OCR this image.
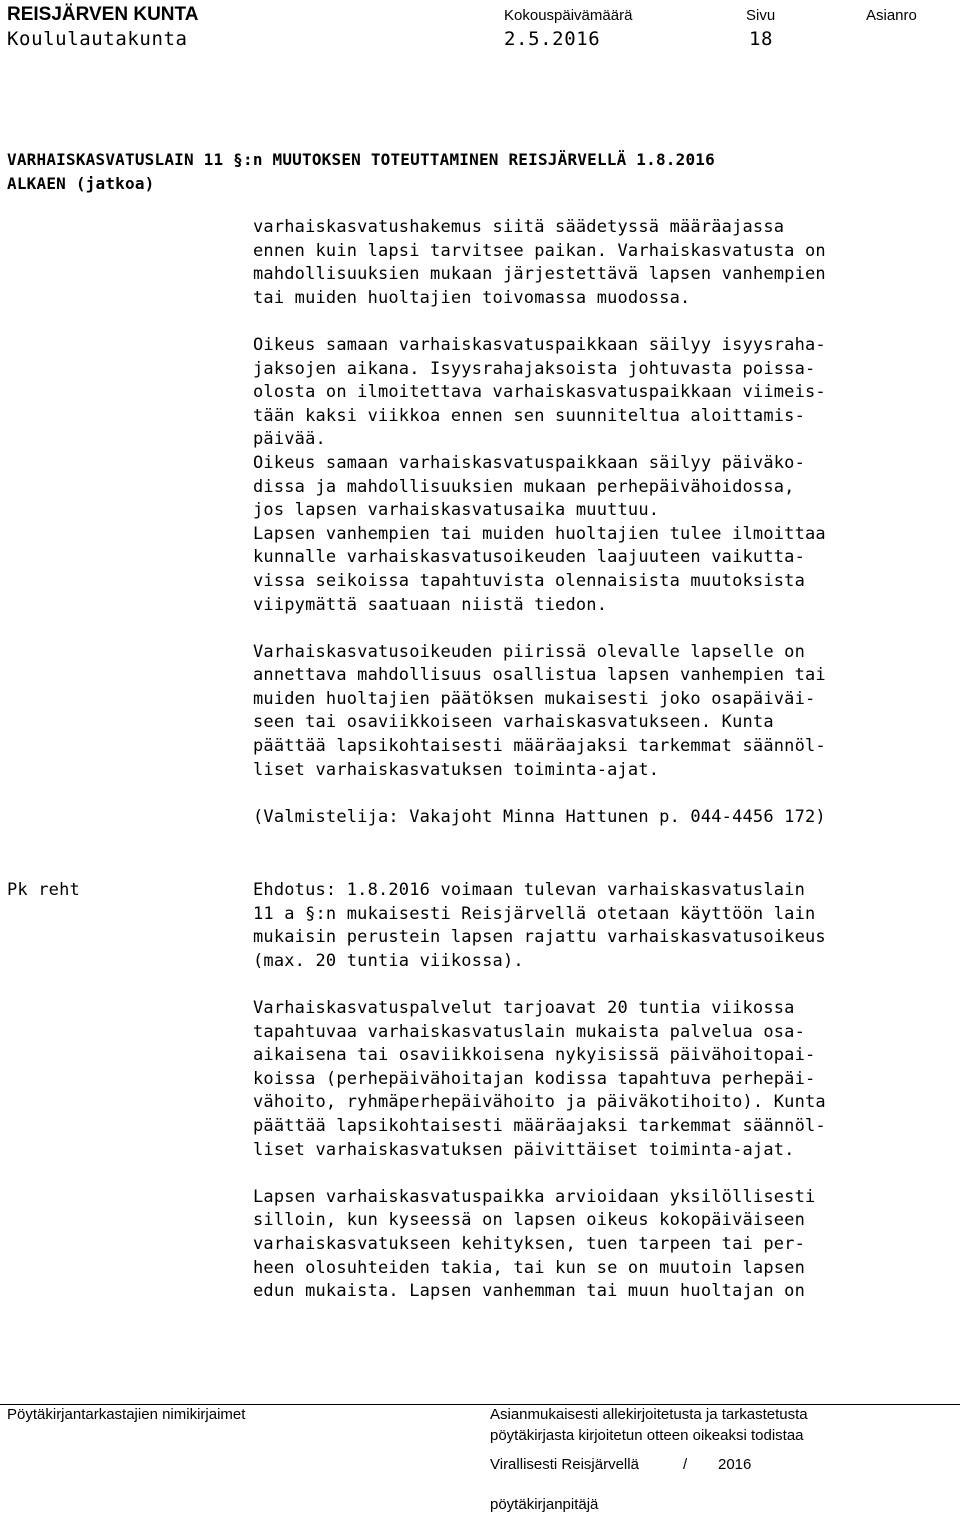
REISJÄRVEN KUNTA	Kokouspäivämäärä	Sivu	Asianro
Koululautakunta	2.5.2016	18
VARHAISKASVATUSLAIN 11 §:n MUUTOKSEN TOTEUTTAMINEN REISJÄRVELLÄ 1.8.2016
ALKAEN (jatkoa)

varhaiskasvatushakemus siitä säädetyssä määräajassa
ennen kuin lapsi tarvitsee paikan. Varhaiskasvatusta on
mahdollisuuksien mukaan järjestettävä lapsen vanhempien
tai muiden huoltajien toivomassa muodossa.

Oikeus samaan varhaiskasvatuspaikkaan säilyy isyysraha-
jaksojen aikana. Isyysrahajaksoista johtuvasta poissa-
olosta on ilmoitettava varhaiskasvatuspaikkaan viimeis-
tään kaksi viikkoa ennen sen suunniteltua aloittamis-
päivää.
Oikeus samaan varhaiskasvatuspaikkaan säilyy päiväko-
dissa ja mahdollisuuksien mukaan perhepäivähoidossa,
jos lapsen varhaiskasvatusaika muuttuu.
Lapsen vanhempien tai muiden huoltajien tulee ilmoittaa
kunnalle varhaiskasvatusoikeuden laajuuteen vaikutta-
vissa seikoissa tapahtuvista olennaisista muutoksista
viipymättä saatuaan niistä tiedon.

Varhaiskasvatusoikeuden piirissä olevalle lapselle on
annettava mahdollisuus osallistua lapsen vanhempien tai
muiden huoltajien päätöksen mukaisesti joko osapäiväi-
seen tai osaviikkoiseen varhaiskasvatukseen. Kunta
päättää lapsikohtaisesti määräajaksi tarkemmat säännöl-
liset varhaiskasvatuksen toiminta-ajat.

(Valmistelija: Vakajoht Minna Hattunen p. 044-4456 172)

Pk reht	Ehdotus: 1.8.2016 voimaan tulevan varhaiskasvatuslain
11 a §:n mukaisesti Reisjärvellä otetaan käyttöön lain
mukaisin perustein lapsen rajattu varhaiskasvatusoikeus
(max. 20 tuntia viikossa).

Varhaiskasvatuspalvelut tarjoavat 20 tuntia viikossa
tapahtuvaa varhaiskasvatuslain mukaista palvelua osa-
aikaisena tai osaviikkoisena nykyisissä päivähoitopai-
koissa (perhepäivähoitajan kodissa tapahtuva perhepäi-
vähoito, ryhmäperhepäivähoito ja päiväkotihoito). Kunta
päättää lapsikohtaisesti määräajaksi tarkemmat säännöl-
liset varhaiskasvatuksen päivittäiset toiminta-ajat.

Lapsen varhaiskasvatuspaikka arvioidaan yksilöllisesti
silloin, kun kyseessä on lapsen oikeus kokopäiväiseen
varhaiskasvatukseen kehityksen, tuen tarpeen tai per-
heen olosuhteiden takia, tai kun se on muutoin lapsen
edun mukaista. Lapsen vanhemman tai muun huoltajan on

Pöytäkirjantarkastajien nimikirjaimet	Asianmukaisesti allekirjoitetusta ja tarkastetusta
pöytäkirjasta kirjoitetun otteen oikeaksi todistaa
Virallisesti Reisjärvellä	/ 2016
pöytäkirjanpitäjä
